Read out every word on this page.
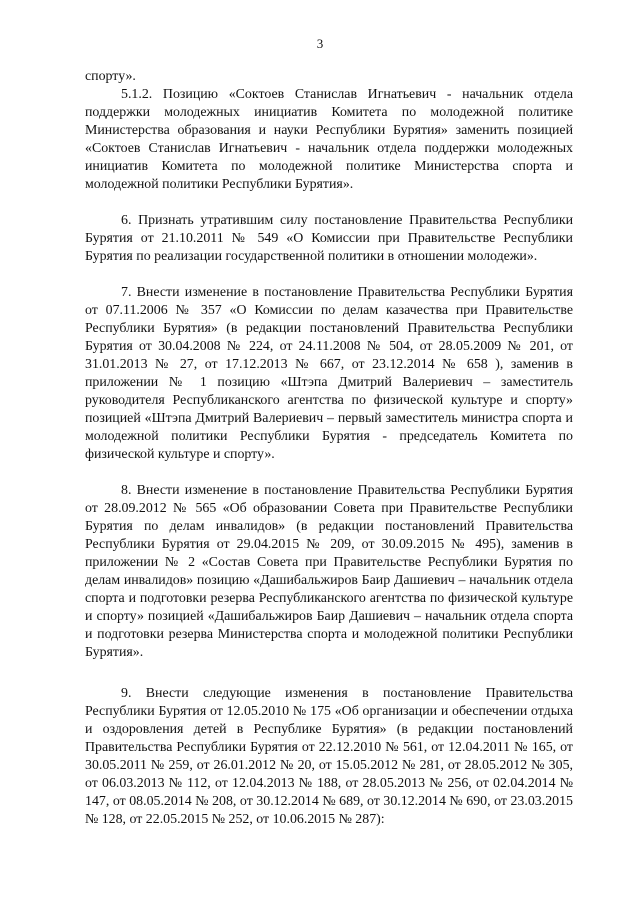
3

спорту».

5.1.2. Позицию «Соктоев Станислав Игнатьевич - начальник отдела поддержки молодежных инициатив Комитета по молодежной политике Министерства образования и науки Республики Бурятия» заменить позицией «Соктоев Станислав Игнатьевич - начальник отдела поддержки молодежных инициатив Комитета по молодежной политике Министерства спорта и молодежной политики Республики Бурятия».

6. Признать утратившим силу постановление Правительства Республики Бурятия от 21.10.2011 № 549 «О Комиссии при Правительстве Республики Бурятия по реализации государственной политики в отношении молодежи».

7. Внести изменение в постановление Правительства Республики Бурятия от 07.11.2006 № 357 «О Комиссии по делам казачества при Правительстве Республики Бурятия» (в редакции постановлений Правительства Республики Бурятия от 30.04.2008 № 224, от 24.11.2008 № 504, от 28.05.2009 № 201, от 31.01.2013 № 27, от 17.12.2013 № 667, от 23.12.2014 № 658 ), заменив в приложении № 1 позицию «Штэпа Дмитрий Валериевич – заместитель руководителя Республиканского агентства по физической культуре и спорту» позицией «Штэпа Дмитрий Валериевич – первый заместитель министра спорта и молодежной политики Республики Бурятия - председатель Комитета по физической культуре и спорту».

8. Внести изменение в постановление Правительства Республики Бурятия от 28.09.2012 № 565 «Об образовании Совета при Правительстве Республики Бурятия по делам инвалидов» (в редакции постановлений Правительства Республики Бурятия от 29.04.2015 № 209, от 30.09.2015 № 495), заменив в приложении № 2 «Состав Совета при Правительстве Республики Бурятия по делам инвалидов» позицию «Дашибальжиров Баир Дашиевич – начальник отдела спорта и подготовки резерва Республиканского агентства по физической культуре и спорту» позицией «Дашибальжиров Баир Дашиевич – начальник отдела спорта и подготовки резерва Министерства спорта и молодежной политики Республики Бурятия».

9. Внести следующие изменения в постановление Правительства Республики Бурятия от 12.05.2010 № 175 «Об организации и обеспечении отдыха и оздоровления детей в Республике Бурятия» (в редакции постановлений Правительства Республики Бурятия от 22.12.2010 № 561, от 12.04.2011 № 165, от 30.05.2011 № 259, от 26.01.2012 № 20, от 15.05.2012 № 281, от 28.05.2012 № 305, от 06.03.2013 № 112, от 12.04.2013 № 188, от 28.05.2013 № 256, от 02.04.2014 № 147, от 08.05.2014 № 208, от 30.12.2014 № 689, от 30.12.2014 № 690, от 23.03.2015 № 128, от 22.05.2015 № 252, от 10.06.2015 № 287):
